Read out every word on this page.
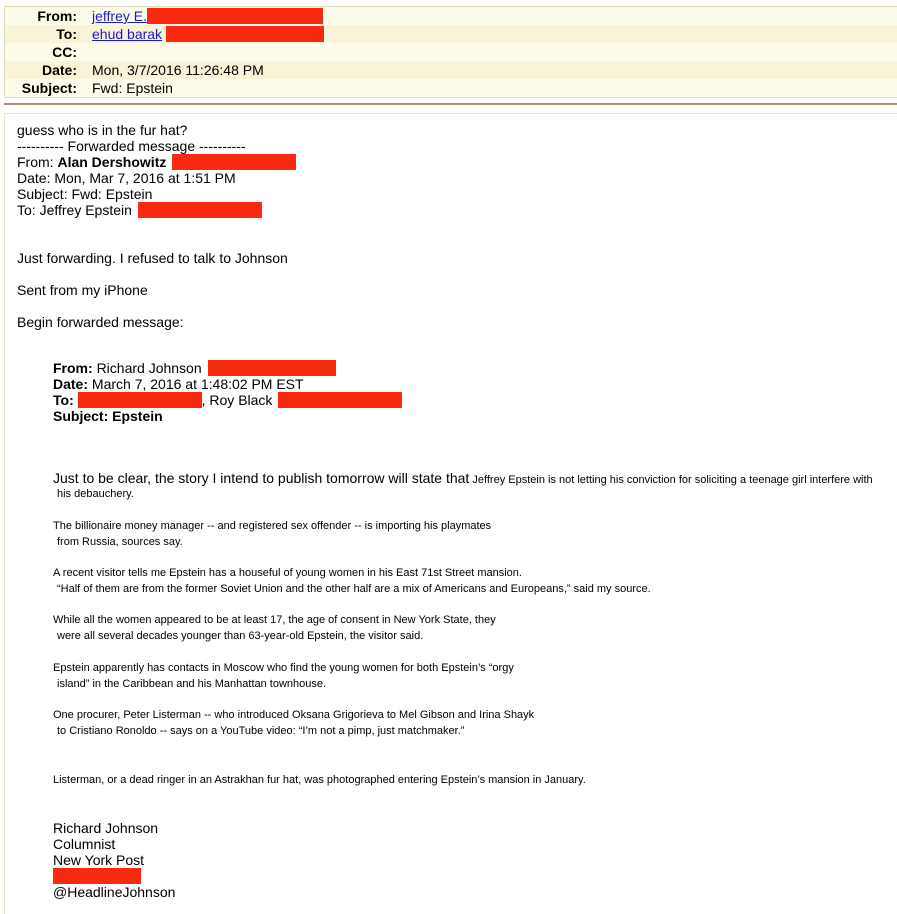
From:	jeffrey E.
To:	ehud barak
CC:
Date:	Mon, 3/7/2016 11:26:48 PM
Subject:	Fwd: Epstein
guess who is in the fur hat?
---------- Forwarded message ----------
From: Alan Dershowitz
Date: Mon, Mar 7, 2016 at 1:51 PM
Subject: Fwd: Epstein
To: Jeffrey Epstein
Just forwarding. I refused to talk to Johnson
Sent from my iPhone
Begin forwarded message:
From: Richard Johnson
Date: March 7, 2016 at 1:48:02 PM EST
To:	, Roy Black
Subject: Epstein
Just to be clear, the story I intend to publish tomorrow will state that Jeffrey Epstein is not letting his conviction for soliciting a teenage girl interfere with
his debauchery.
The billionaire money manager -- and registered sex offender -- is importing his playmates
from Russia, sources say.
A recent visitor tells me Epstein has a houseful of young women in his East 71st Street mansion.
“Half of them are from the former Soviet Union and the other half are a mix of Americans and Europeans,” said my source.
While all the women appeared to be at least 17, the age of consent in New York State, they
were all several decades younger than 63-year-old Epstein, the visitor said.
Epstein apparently has contacts in Moscow who find the young women for both Epstein’s “orgy
island” in the Caribbean and his Manhattan townhouse.
One procurer, Peter Listerman -- who introduced Oksana Grigorieva to Mel Gibson and Irina Shayk
to Cristiano Ronoldo -- says on a YouTube video: “I’m not a pimp, just matchmaker.”
Listerman, or a dead ringer in an Astrakhan fur hat, was photographed entering Epstein’s mansion in January.
Richard Johnson
Columnist
New York Post
@HeadlineJohnson
